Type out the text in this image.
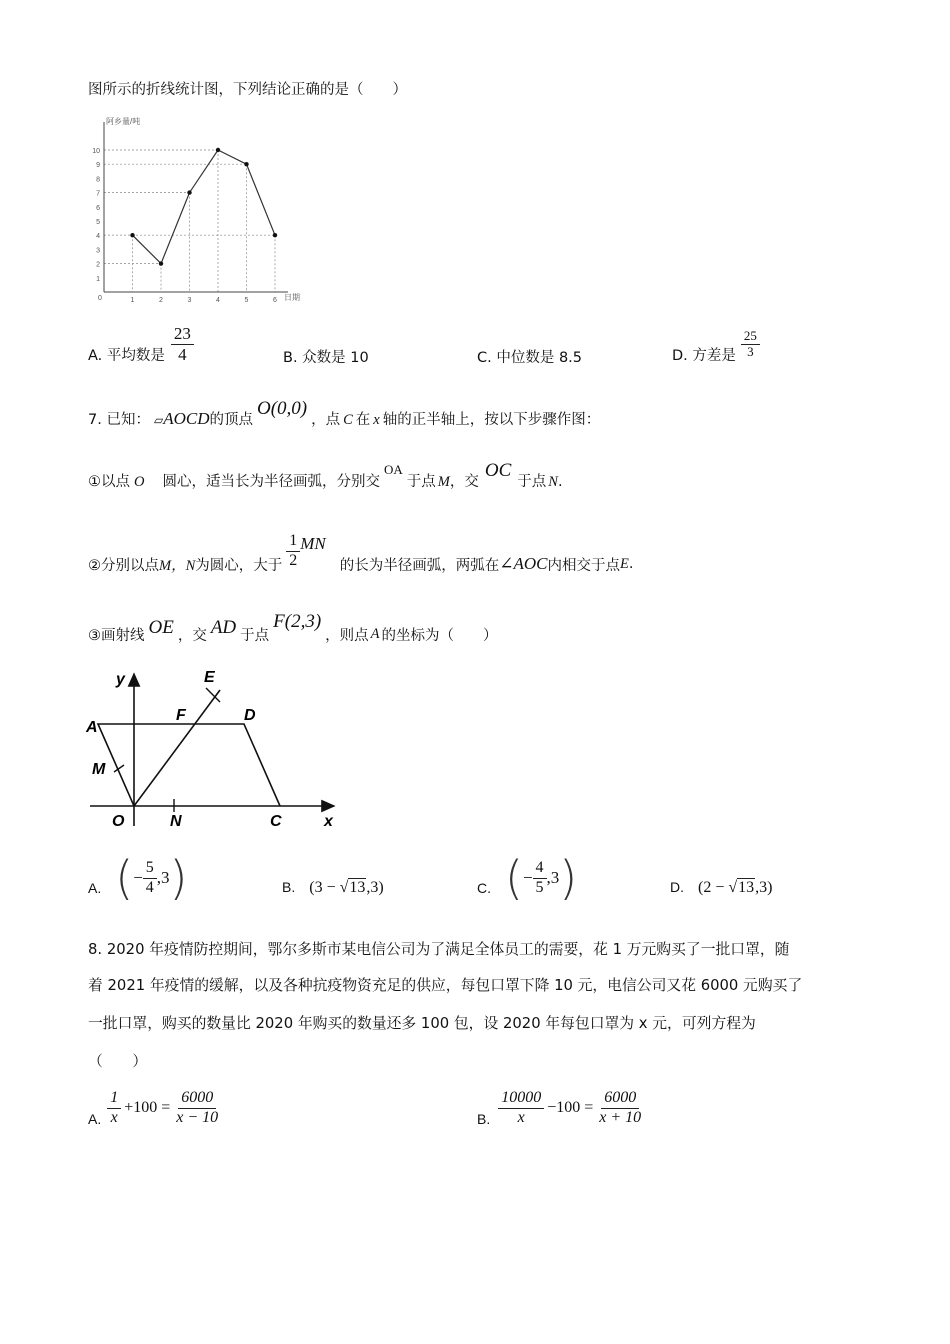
图所示的折线统计图，下列结论正确的是（　　）
阿乡量/吨
日期
0
1
2
3
4
5
6
7
8
9
10
1	2	3	4	5	6
A. 平均数是 $\frac{23}{4}$	B. 众数是 10	C. 中位数是 8.5	D. 方差是 $\frac{25}{3}$
7. 已知： ▱ AOCD 的顶点
O(0,0)
，点 C 在 x 轴的正半轴上，按以下步骤作图：
①以点 O 圆心，适当长为半径画弧，分别交
OA
于点 M ，交
OC
于点 N .
②分别以点 M，N 为圆心，大于 $\frac{1}{2}$ MN
的长为半径画弧，两弧在 ∠AOC 内相交于点 E .
③画射线 OE ，交 AD 于点
F(2,3)
，则点 A 的坐标为（　　）
y
x
E
F	D
A
M
O	N	C
A. ( − $\frac{5}{4} ,3$ )	B. (3 − √ 13 ,3)	C. ( − $\frac{4}{5} ,3$ )	D. (2 − √ 13 ,3)
8. 2020 年疫情防控期间，鄂尔多斯市某电信公司为了满足全体员工的需要，花 1 万元购买了一批口罩，随
着 2021 年疫情的缓解，以及各种抗疫物资充足的供应，每包口罩下降 10 元，电信公司又花 6000 元购买了
一批口罩，购买的数量比 2020 年购买的数量还多 100 包，设 2020 年每包口罩为 x 元，可列方程为
（　　）
A. $\frac{1}{x} +100 = \frac{6000}{x - 10}$	B. $\frac{10000}{x} -100 = \frac{6000}{x + 10}$
